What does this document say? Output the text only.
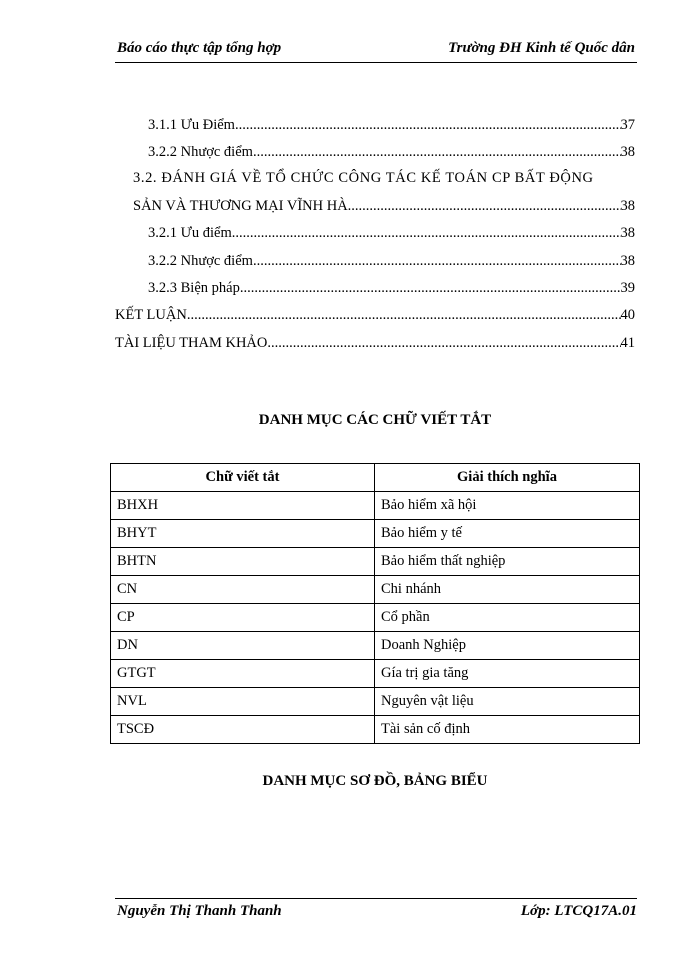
Báo cáo thực tập tổng hợp	Trường ĐH Kinh tế Quốc dân
3.1.1 Ưu Điểm .....	37
3.2.2 Nhược điểm .....	38
3.2. ĐÁNH GIÁ VỀ TỔ CHỨC CÔNG TÁC KẾ TOÁN CP BẤT ĐỘNG
SẢN VÀ THƯƠNG MẠI VĨNH HÀ .....	38
3.2.1 Ưu điểm .....	38
3.2.2 Nhược điểm .....	38
3.2.3 Biện pháp .....	39
KẾT LUẬN .....	40
TÀI LIỆU THAM KHẢO .....	41
DANH MỤC CÁC CHỮ VIẾT TẮT
Chữ viết tắt	Giải thích nghĩa
BHXH	Bảo hiểm xã hội
BHYT	Bảo hiểm y tế
BHTN	Bảo hiểm thất nghiệp
CN	Chi nhánh
CP	Cổ phần
DN	Doanh Nghiệp
GTGT	Gía trị gia tăng
NVL	Nguyên vật liệu
TSCĐ	Tài sản cố định
DANH MỤC SƠ ĐỒ, BẢNG BIỂU
Nguyễn Thị Thanh Thanh	Lớp: LTCQ17A.01
